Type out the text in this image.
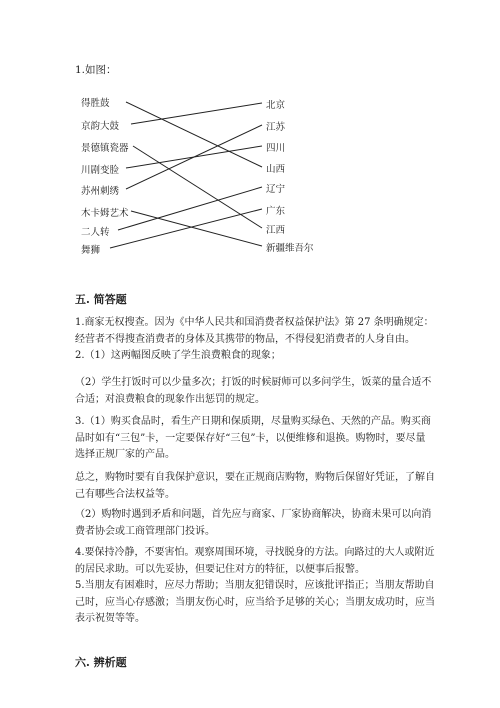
1.如图：
得胜鼓
京韵大鼓
景德镇瓷器
川剧变脸
苏州刺绣
木卡姆艺术
二人转
舞狮
北京
江苏
四川
山西
辽宁
广东
江西
新疆维吾尔
五. 简答题
1.商家无权搜查。因为《中华人民共和国消费者权益保护法》第 27 条明确规定：经营者不得搜查消费者的身体及其携带的物品，不得侵犯消费者的人身自由。
2.（1）这两幅图反映了学生浪费粮食的现象；
（2）学生打饭时可以少量多次；打饭的时候厨师可以多问学生，饭菜的量合适不合适；对浪费粮食的现象作出惩罚的规定。
3.（1）购买食品时，看生产日期和保质期，尽量购买绿色、天然的产品。购买商品时如有“三包”卡，一定要保存好“三包”卡，以便维修和退换。购物时，要尽量选择正规厂家的产品。
总之，购物时要有自我保护意识，要在正规商店购物，购物后保留好凭证，了解自己有哪些合法权益等。
（2）购物时遇到矛盾和问题，首先应与商家、厂家协商解决，协商未果可以向消费者协会或工商管理部门投诉。
4.要保持冷静，不要害怕。观察周围环境，寻找脱身的方法。向路过的大人或附近的居民求助。可以先妥协，但要记住对方的特征，以便事后报警。
5.当朋友有困难时，应尽力帮助；当朋友犯错误时，应该批评指正；当朋友帮助自己时，应当心存感激；当朋友伤心时，应当给予足够的关心；当朋友成功时，应当表示祝贺等等。
六. 辨析题
